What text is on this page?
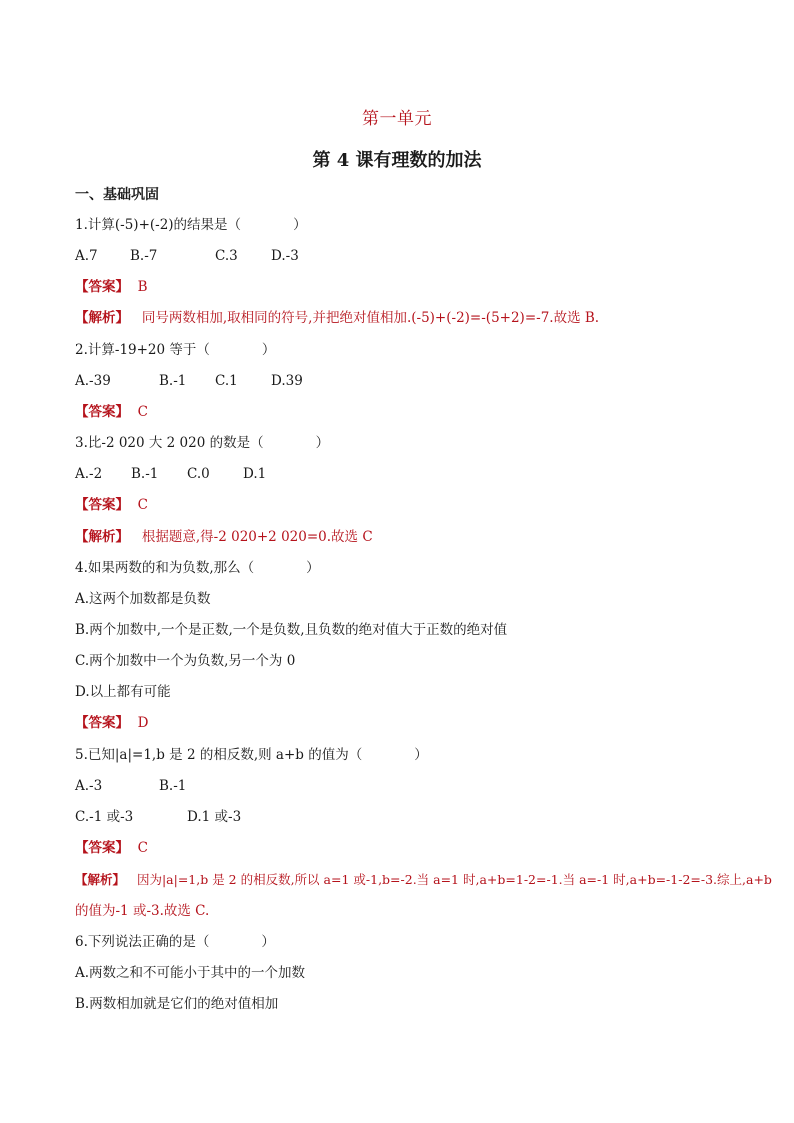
第一单元
第 4 课有理数的加法
一、基础巩固
1.计算(-5)+(-2)的结果是（	）
A.7 B.-7	C.3 D.-3
【答案】 B
【解析】 同号两数相加,取相同的符号,并把绝对值相加.(-5)+(-2)=-(5+2)=-7.故选 B.
2.计算-19+20 等于（	）
A.-39	B.-1 C.1 D.39
【答案】 C
3.比-2 020 大 2 020 的数是（	）
A.-2 B.-1 C.0 D.1
【答案】 C
【解析】 根据题意,得-2 020+2 020=0.故选 C
4.如果两数的和为负数,那么（	）
A.这两个加数都是负数
B.两个加数中,一个是正数,一个是负数,且负数的绝对值大于正数的绝对值
C.两个加数中一个为负数,另一个为 0
D.以上都有可能
【答案】 D
5.已知|a|=1,b 是 2 的相反数,则 a+b 的值为（	）
A.-3	B.-1
C.-1 或-3	D.1 或-3
【答案】 C
【解析】 因为|a|=1,b 是 2 的相反数,所以 a=1 或-1,b=-2.当 a=1 时,a+b=1-2=-1.当 a=-1 时,a+b=-1-2=-3.综上,a+b
的值为-1 或-3.故选 C.
6.下列说法正确的是（	）
A.两数之和不可能小于其中的一个加数
B.两数相加就是它们的绝对值相加
